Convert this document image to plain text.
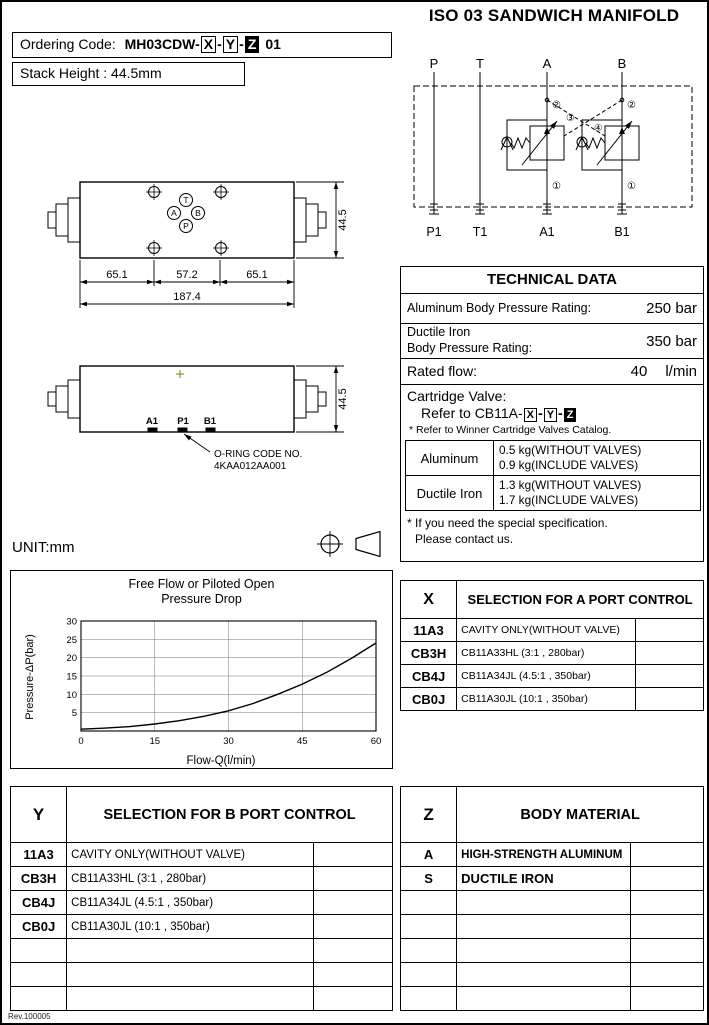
ISO 03 SANDWICH MANIFOLD
Ordering Code: MH03CDW- X - Y - Z 01
Stack Height : 44.5mm
P	T	A	B
②	②
①	①
③
④
P1 T1	A1	B1
T
A B
P
65.1	57.2	65.1
187.4
44.5
A1 P1 B1
O-RING CODE NO.
4KAA012AA001
44.5
UNIT:mm
TECHNICAL DATA
Aluminum Body Pressure Rating:	250 bar
Ductile Iron
Body Pressure Rating:	350 bar
Rated flow:	40 l/min
Cartridge Valve:
Refer to CB11A- X - Y - Z
* Refer to Winner Cartridge Valves Catalog.
Aluminum	0.5 kg(WITHOUT VALVES)
0.9 kg(INCLUDE VALVES)

Ductile Iron	1.3 kg(WITHOUT VALVES)
1.7 kg(INCLUDE VALVES)
* If you need the special specification.
Please contact us.
Free Flow or Piloted Open
Pressure Drop
Pressure-ΔP(bar)
0	15	30	45	60
5
10
15
20
25
30
Flow-Q(l/min)
X	SELECTION FOR A PORT CONTROL	
11A3	CAVITY ONLY(WITHOUT VALVE)	
CB3H	CB11A33HL (3:1 , 280bar)	
CB4J	CB11A34JL (4.5:1 , 350bar)	
CB0J	CB11A30JL (10:1 , 350bar)	
Y	SELECTION FOR B PORT CONTROL	
11A3	CAVITY ONLY(WITHOUT VALVE)	
CB3H	CB11A33HL (3:1 , 280bar)	
CB4J	CB11A34JL (4.5:1 , 350bar)	
CB0J	CB11A30JL (10:1 , 350bar)	

Z	BODY MATERIAL	
A	HIGH-STRENGTH ALUMINUM	
S	DUCTILE IRON	

Rev.100005
